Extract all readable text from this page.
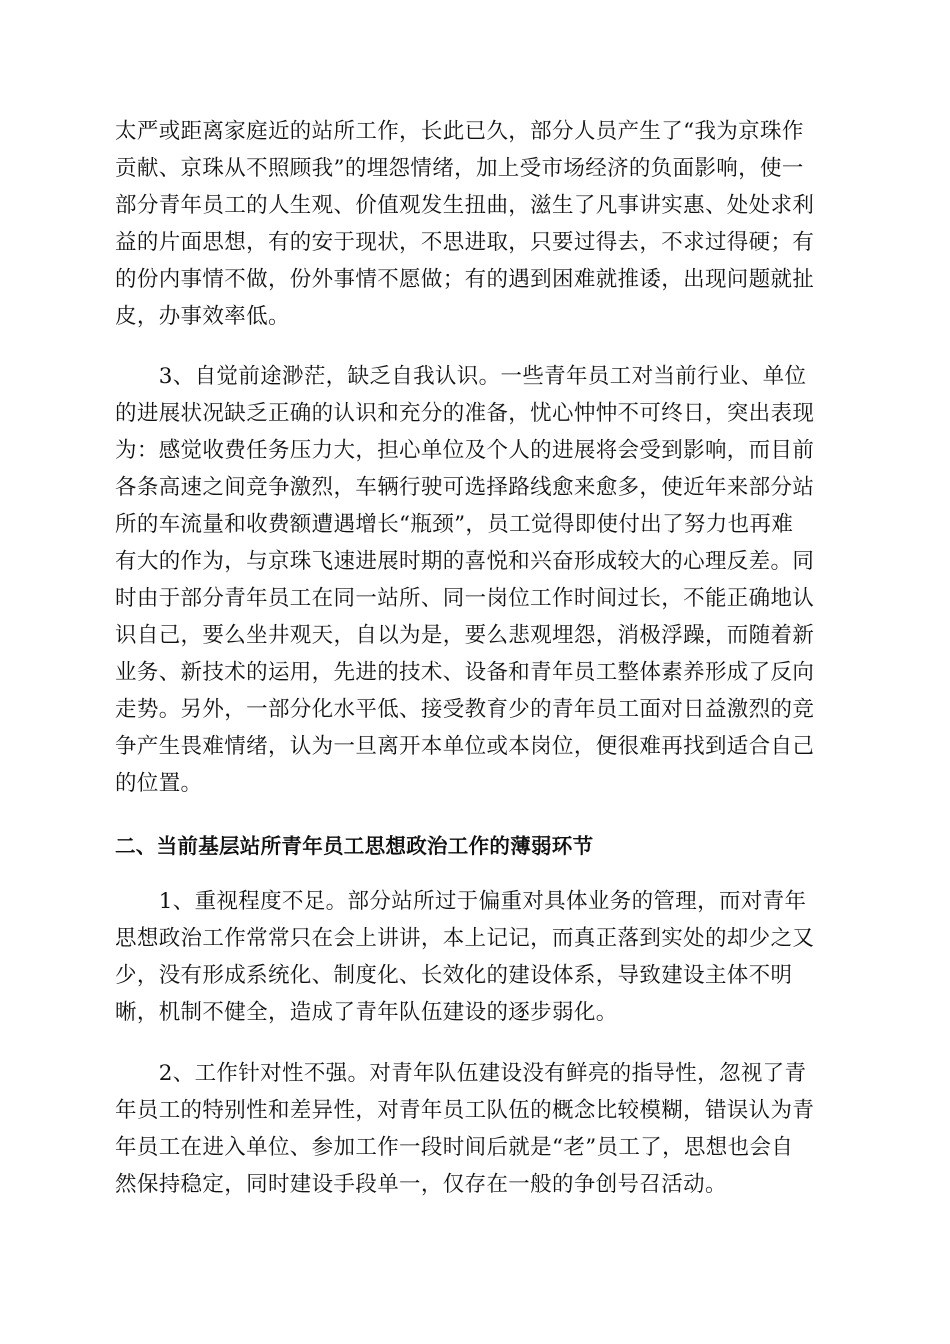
太严或距离家庭近的站所工作，长此已久，部分人员产生了“我为京珠作
贡献、京珠从不照顾我”的埋怨情绪，加上受市场经济的负面影响，使一
部分青年员工的人生观、价值观发生扭曲，滋生了凡事讲实惠、处处求利
益的片面思想，有的安于现状，不思进取，只要过得去，不求过得硬；有
的份内事情不做，份外事情不愿做；有的遇到困难就推诿，出现问题就扯
皮，办事效率低。
　　3、自觉前途渺茫，缺乏自我认识。一些青年员工对当前行业、单位
的进展状况缺乏正确的认识和充分的准备，忧心忡忡不可终日，突出表现
为：感觉收费任务压力大，担心单位及个人的进展将会受到影响，而目前
各条高速之间竞争激烈，车辆行驶可选择路线愈来愈多，使近年来部分站
所的车流量和收费额遭遇增长“瓶颈”，员工觉得即使付出了努力也再难
有大的作为，与京珠飞速进展时期的喜悦和兴奋形成较大的心理反差。同
时由于部分青年员工在同一站所、同一岗位工作时间过长，不能正确地认
识自己，要么坐井观天，自以为是，要么悲观埋怨，消极浮躁，而随着新
业务、新技术的运用，先进的技术、设备和青年员工整体素养形成了反向
走势。另外，一部分化水平低、接受教育少的青年员工面对日益激烈的竞
争产生畏难情绪，认为一旦离开本单位或本岗位，便很难再找到适合自己
的位置。
二、当前基层站所青年员工思想政治工作的薄弱环节
　　1、重视程度不足。部分站所过于偏重对具体业务的管理，而对青年
思想政治工作常常只在会上讲讲，本上记记，而真正落到实处的却少之又
少，没有形成系统化、制度化、长效化的建设体系，导致建设主体不明
晰，机制不健全，造成了青年队伍建设的逐步弱化。
　　2、工作针对性不强。对青年队伍建设没有鲜亮的指导性，忽视了青
年员工的特别性和差异性，对青年员工队伍的概念比较模糊，错误认为青
年员工在进入单位、参加工作一段时间后就是“老”员工了，思想也会自
然保持稳定，同时建设手段单一，仅存在一般的争创号召活动。
